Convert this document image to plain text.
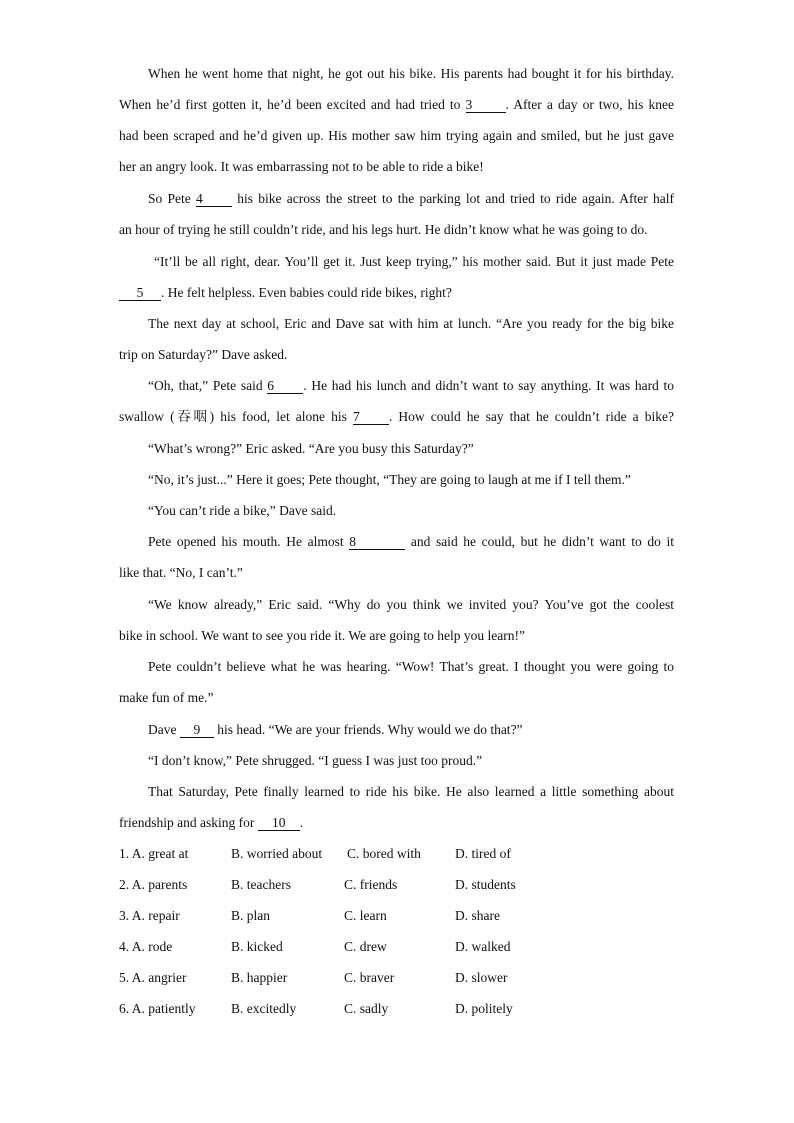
When he went home that night, he got out his bike. His parents had bought it for his birthday.
When he’d first gotten it, he’d been excited and had tried to 3 . After a day or two, his knee
had been scraped and he’d given up. His mother saw him trying again and smiled, but he just gave
her an angry look. It was embarrassing not to be able to ride a bike!
So Pete 4	his bike across the street to the parking lot and tried to ride again. After half
an hour of trying he still couldn’t ride, and his legs hurt. He didn’t know what he was going to do.
“It’ll be all right, dear. You’ll get it. Just keep trying,” his mother said. But it just made Pete
5 . He felt helpless. Even babies could ride bikes, right?
The next day at school, Eric and Dave sat with him at lunch. “Are you ready for the big bike
trip on Saturday?” Dave asked.
“Oh, that,” Pete said 6 . He had his lunch and didn’t want to say anything. It was hard to
swallow (吞咽) his food, let alone his 7 . How could he say that he couldn’t ride a bike?
“What’s wrong?” Eric asked. “Are you busy this Saturday?”
“No, it’s just...” Here it goes; Pete thought, “They are going to laugh at me if I tell them.”
“You can’t ride a bike,” Dave said.
Pete opened his mouth. He almost 8	and said he could, but he didn’t want to do it
like that. “No, I can’t.”
“We know already,” Eric said. “Why do you think we invited you? You’ve got the coolest
bike in school. We want to see you ride it. We are going to help you learn!”
Pete couldn’t believe what he was hearing. “Wow! That’s great. I thought you were going to
make fun of me.”
Dave 9 his head. “We are your friends. Why would we do that?”
“I don’t know,” Pete shrugged. “I guess I was just too proud.”
That Saturday, Pete finally learned to ride his bike. He also learned a little something about
friendship and asking for 10 .
1. A. great at	B. worried about C. bored with	D. tired of
2. A. parents	B. teachers	C. friends	D. students
3. A. repair	B. plan	C. learn	D. share
4. A. rode	B. kicked	C. drew	D. walked
5. A. angrier	B. happier	C. braver	D. slower
6. A. patiently	B. excitedly	C. sadly	D. politely
